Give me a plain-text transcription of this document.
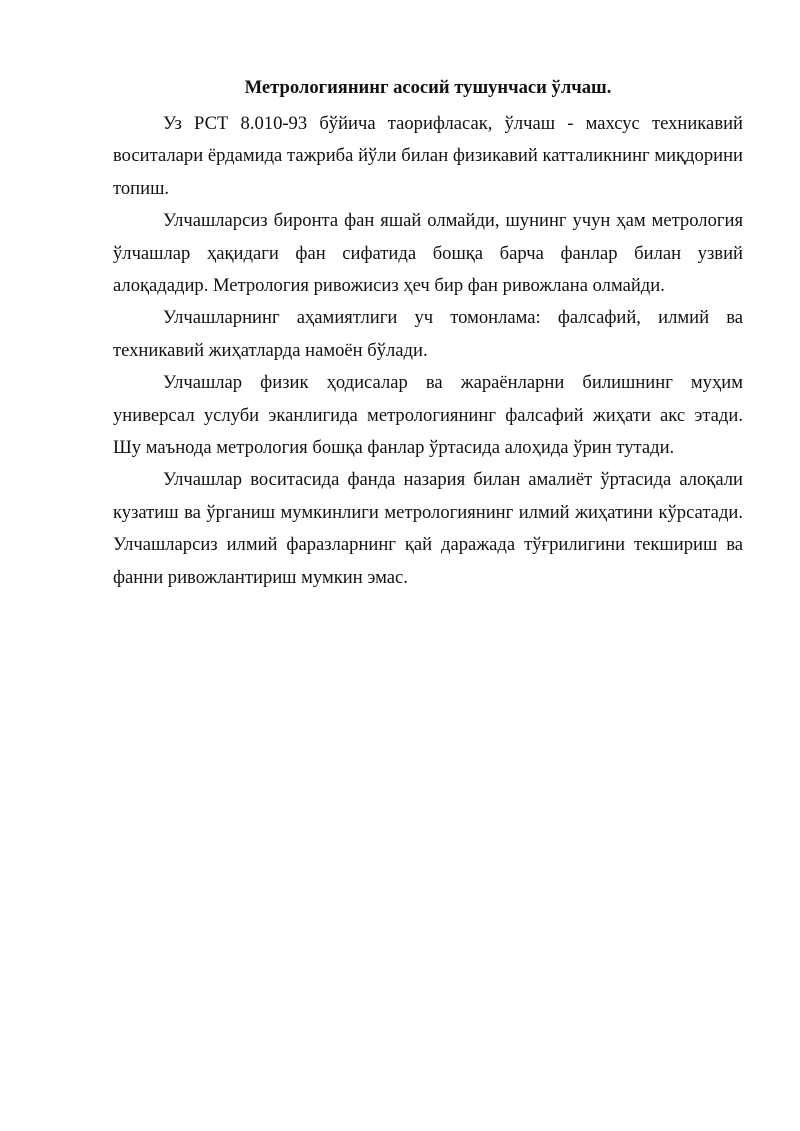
Метрологиянинг асосий тушунчаси ўлчаш.

Уз РСТ 8.010-93 бўйича таорифласак, ўлчаш - махсус техникавий воситалари ёрдамида тажриба йўли билан физикавий катталикнинг миқдорини топиш.

Улчашларсиз биронта фан яшай олмайди, шунинг учун ҳам метрология ўлчашлар ҳақидаги фан сифатида бошқа барча фанлар билан узвий алоқададир. Метрология ривожисиз ҳеч бир фан ривожлана олмайди.

Улчашларнинг аҳамиятлиги уч томонлама: фалсафий, илмий ва техникавий жиҳатларда намоён бўлади.

Улчашлар физик ҳодисалар ва жараёнларни билишнинг муҳим универсал услуби эканлигида метрологиянинг фалсафий жиҳати акс этади. Шу маънода метрология бошқа фанлар ўртасида алоҳида ўрин тутади.

Улчашлар воситасида фанда назария билан амалиёт ўртасида алоқали кузатиш ва ўрганиш мумкинлиги метрологиянинг илмий жиҳатини кўрсатади. Улчашларсиз илмий фаразларнинг қай даражада тўғрилигини текшириш ва фанни ривожлантириш мумкин эмас.
